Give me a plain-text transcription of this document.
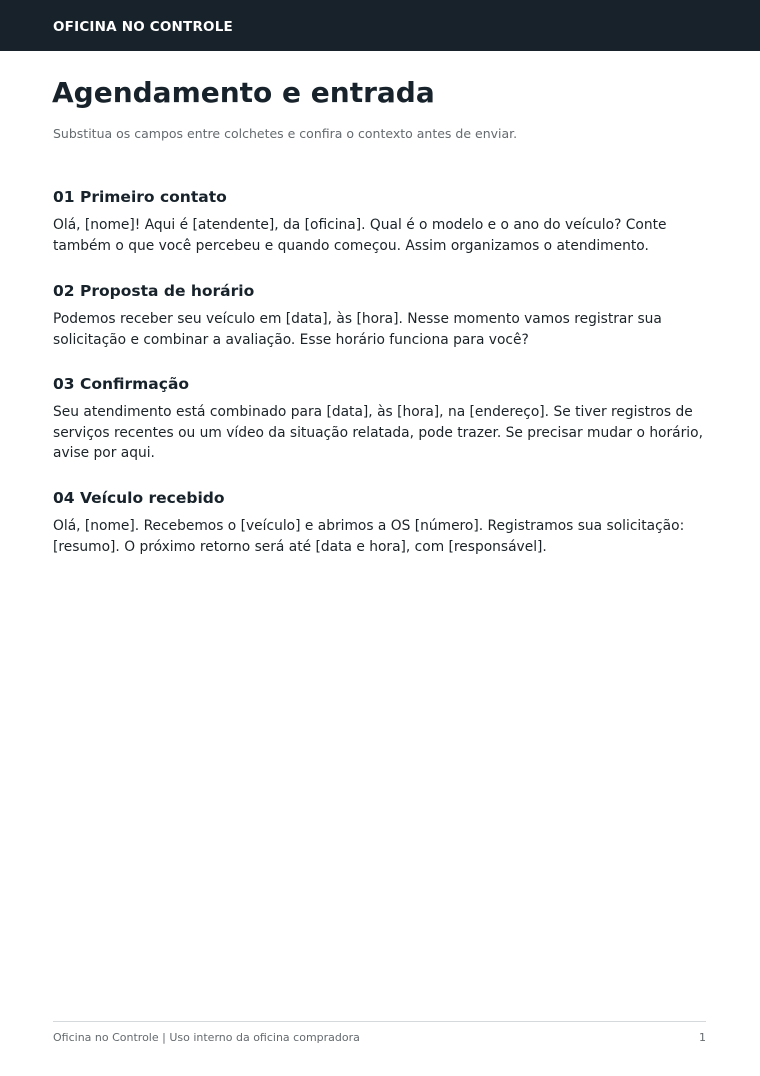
OFICINA NO CONTROLE
Agendamento e entrada
Substitua os campos entre colchetes e confira o contexto antes de enviar.
01 Primeiro contato

Olá, [nome]! Aqui é [atendente], da [oficina]. Qual é o modelo e o ano do veículo? Conte também o que você percebeu e quando começou. Assim organizamos o atendimento.

02 Proposta de horário

Podemos receber seu veículo em [data], às [hora]. Nesse momento vamos registrar sua solicitação e combinar a avaliação. Esse horário funciona para você?

03 Confirmação

Seu atendimento está combinado para [data], às [hora], na [endereço]. Se tiver registros de serviços recentes ou um vídeo da situação relatada, pode trazer. Se precisar mudar o horário, avise por aqui.

04 Veículo recebido

Olá, [nome]. Recebemos o [veículo] e abrimos a OS [número]. Registramos sua solicitação: [resumo]. O próximo retorno será até [data e hora], com [responsável].

Oficina no Controle | Uso interno da oficina compradora	1
